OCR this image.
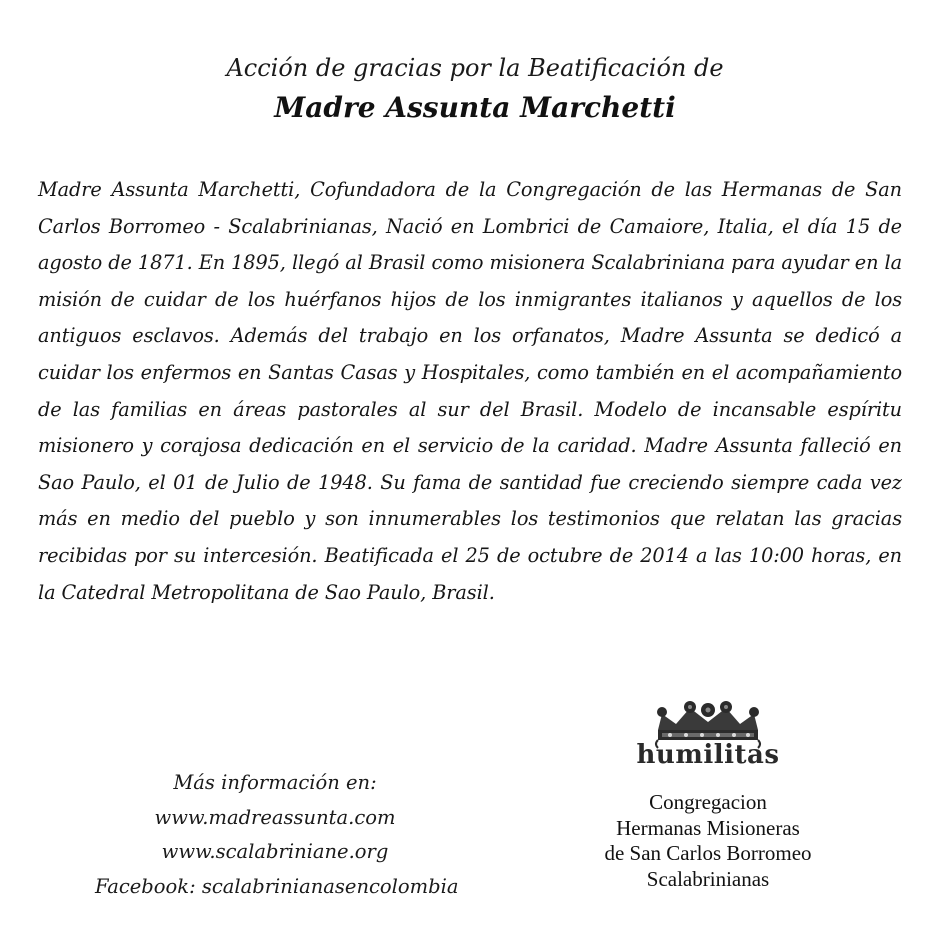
Acción de gracias por la Beatificación de
Madre Assunta Marchetti
Madre Assunta Marchetti, Cofundadora de la Congregación de las Hermanas de San Carlos Borromeo - Scalabrinianas, Nació en Lombrici de Camaiore, Italia, el día 15 de agosto de 1871. En 1895, llegó al Brasil como misionera Scalabriniana para ayudar en la misión de cuidar de los huérfanos hijos de los inmigrantes italianos y aquellos de los antiguos esclavos. Además del trabajo en los orfanatos, Madre Assunta se dedicó a cuidar los enfermos en Santas Casas y Hospitales, como también en el acompañamiento de las familias en áreas pastorales al sur del Brasil. Modelo de incansable espíritu misionero y corajosa dedicación en el servicio de la caridad. Madre Assunta falleció en Sao Paulo, el 01 de Julio de 1948. Su fama de santidad fue creciendo siempre cada vez más en medio del pueblo y son innumerables los testimonios que relatan las gracias recibidas por su intercesión. Beatificada el 25 de octubre de 2014 a las 10:00 horas, en la Catedral Metropolitana de Sao Paulo, Brasil.
Más información en:
www.madreassunta.com
www.scalabriniane.org
Facebook: scalabrinianasencolombia
humilitas
Congregacion
Hermanas Misioneras
de San Carlos Borromeo
Scalabrinianas
